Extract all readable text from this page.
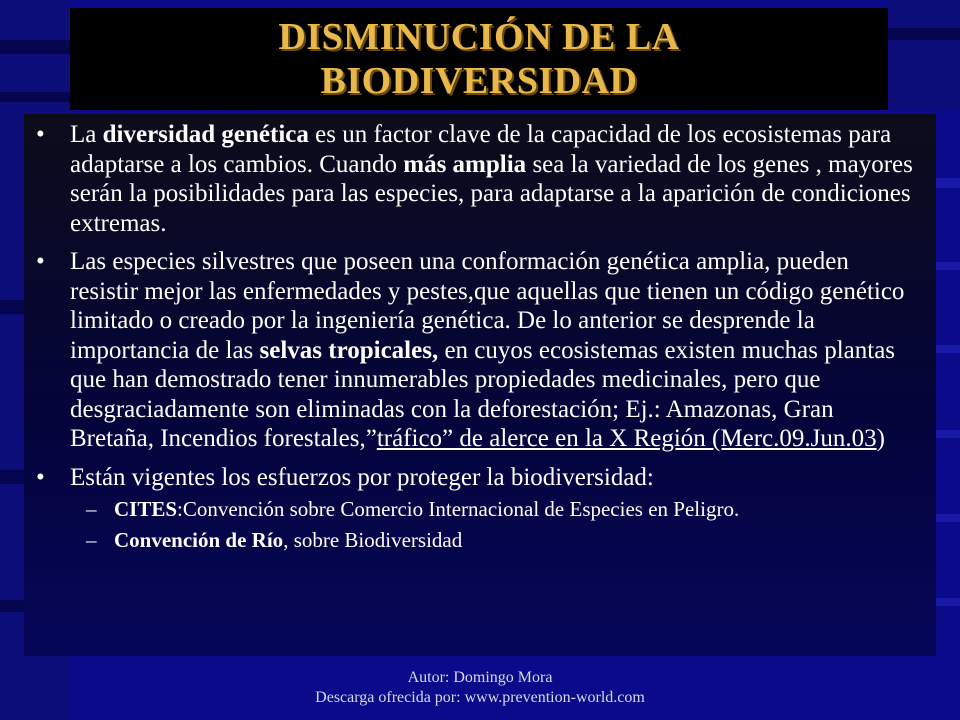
DISMINUCIÓN DE LA
BIODIVERSIDAD
• La diversidad genética es un factor clave de la capacidad de los ecosistemas para adaptarse a los cambios. Cuando más amplia sea la variedad de los genes , mayores serán la posibilidades para las especies, para adaptarse a la aparición de condiciones extremas.
• Las especies silvestres que poseen una conformación genética amplia, pueden resistir mejor las enfermedades y pestes,que aquellas que tienen un código genético limitado o creado por la ingeniería genética. De lo anterior se desprende la importancia de las selvas tropicales, en cuyos ecosistemas existen muchas plantas que han demostrado tener innumerables propiedades medicinales, pero que desgraciadamente son eliminadas con la deforestación; Ej.: Amazonas, Gran Bretaña, Incendios forestales,”tráfico” de alerce en la X Región (Merc.09.Jun.03)
• Están vigentes los esfuerzos por proteger la biodiversidad:
– CITES:Convención sobre Comercio Internacional de Especies en Peligro.
– Convención de Río, sobre Biodiversidad
Autor: Domingo Mora
Descarga ofrecida por: www.prevention-world.com
